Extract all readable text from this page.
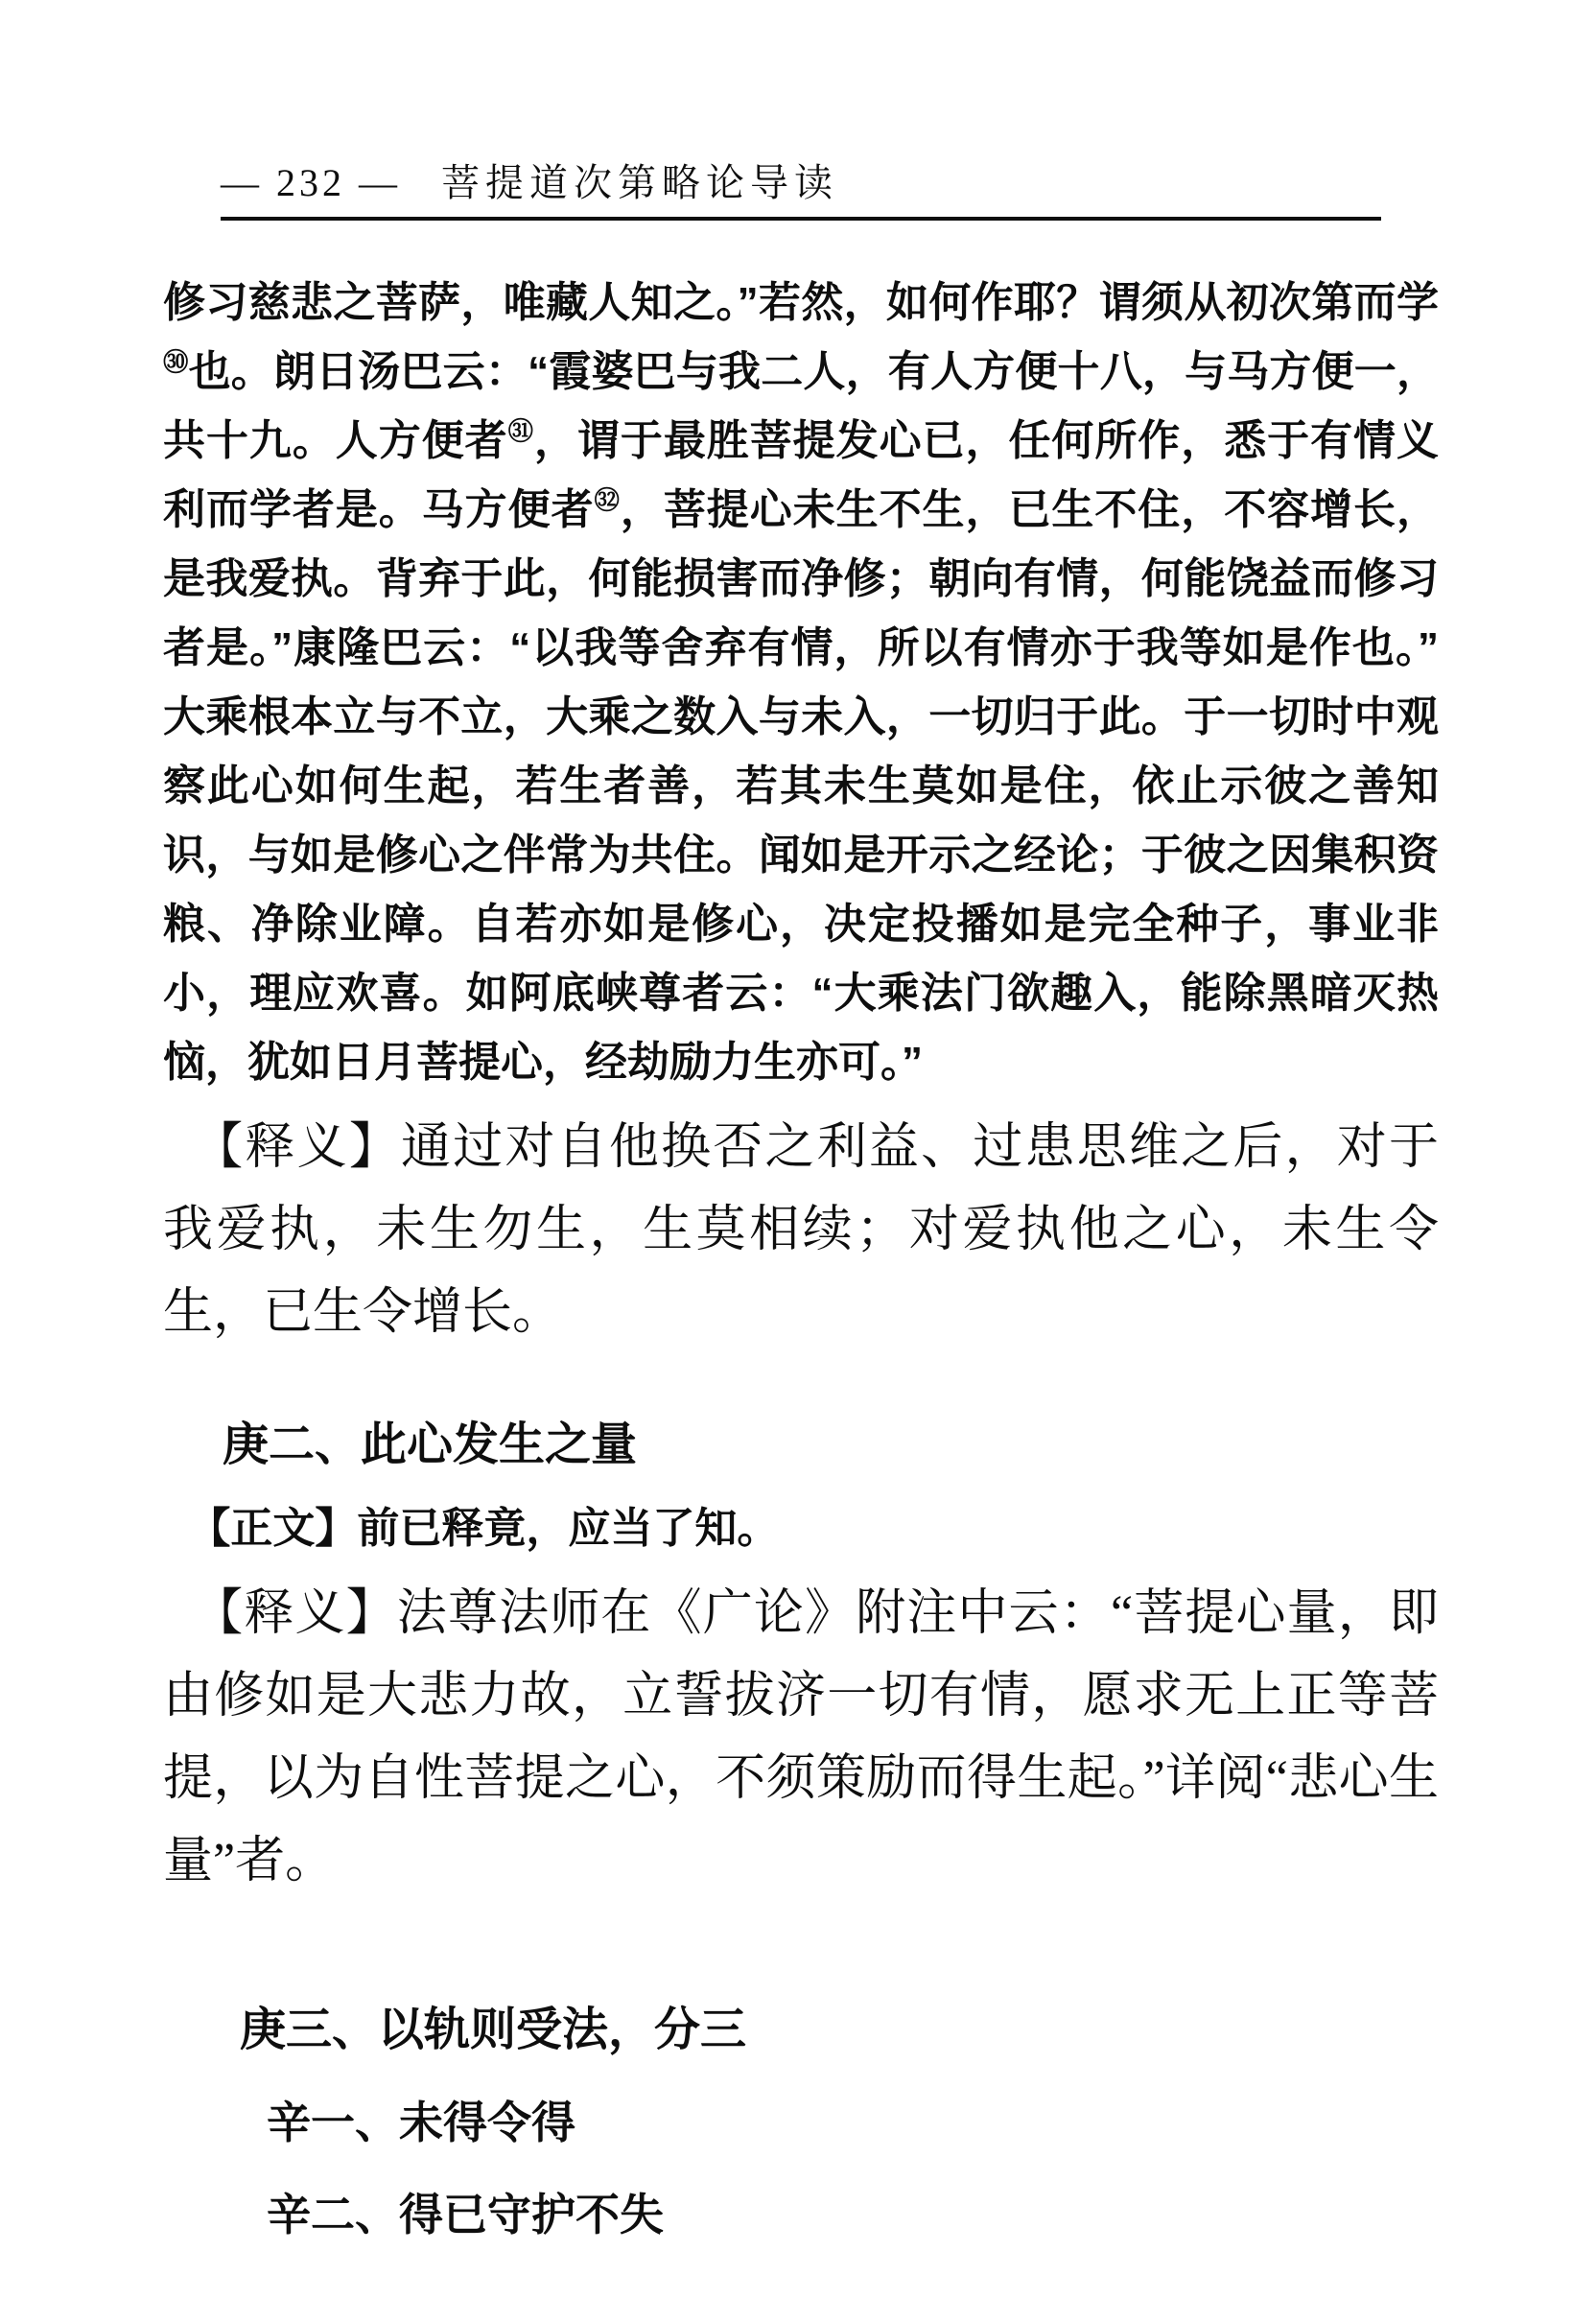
— 232 — 菩提道次第略论导读

修习慈悲之菩萨，唯藏人知之。”若然，如何作耶？谓须从初次第而学$^㉚$也。朗日汤巴云：“霞婆巴与我二人，有人方便十八，与马方便一，共十九。人方便者$^㉛$，谓于最胜菩提发心已，任何所作，悉于有情义利而学者是。马方便者$^㉜$，菩提心未生不生，已生不住，不容增长，是我爱执。背弃于此，何能损害而净修；朝向有情，何能饶益而修习者是。”康隆巴云：“以我等舍弃有情，所以有情亦于我等如是作也。”大乘根本立与不立，大乘之数入与未入，一切归于此。于一切时中观察此心如何生起，若生者善，若其未生莫如是住，依止示彼之善知识，与如是修心之伴常为共住。闻如是开示之经论；于彼之因集积资粮、净除业障。自若亦如是修心，决定投播如是完全种子，事业非小，理应欢喜。如阿底峡尊者云：“大乘法门欲趣入，能除黑暗灭热恼，犹如日月菩提心，经劫励力生亦可。”

【释义】通过对自他换否之利益、过患思维之后，对于我爱执，未生勿生，生莫相续；对爱执他之心，未生令生，已生令增长。

庚二、此心发生之量

【正文】前已释竟，应当了知。

【释义】法尊法师在《广论》附注中云：“菩提心量，即由修如是大悲力故，立誓拔济一切有情，愿求无上正等菩提，以为自性菩提之心，不须策励而得生起。”详阅“悲心生量”者。

庚三、以轨则受法，分三
辛一、未得令得
辛二、得已守护不失
